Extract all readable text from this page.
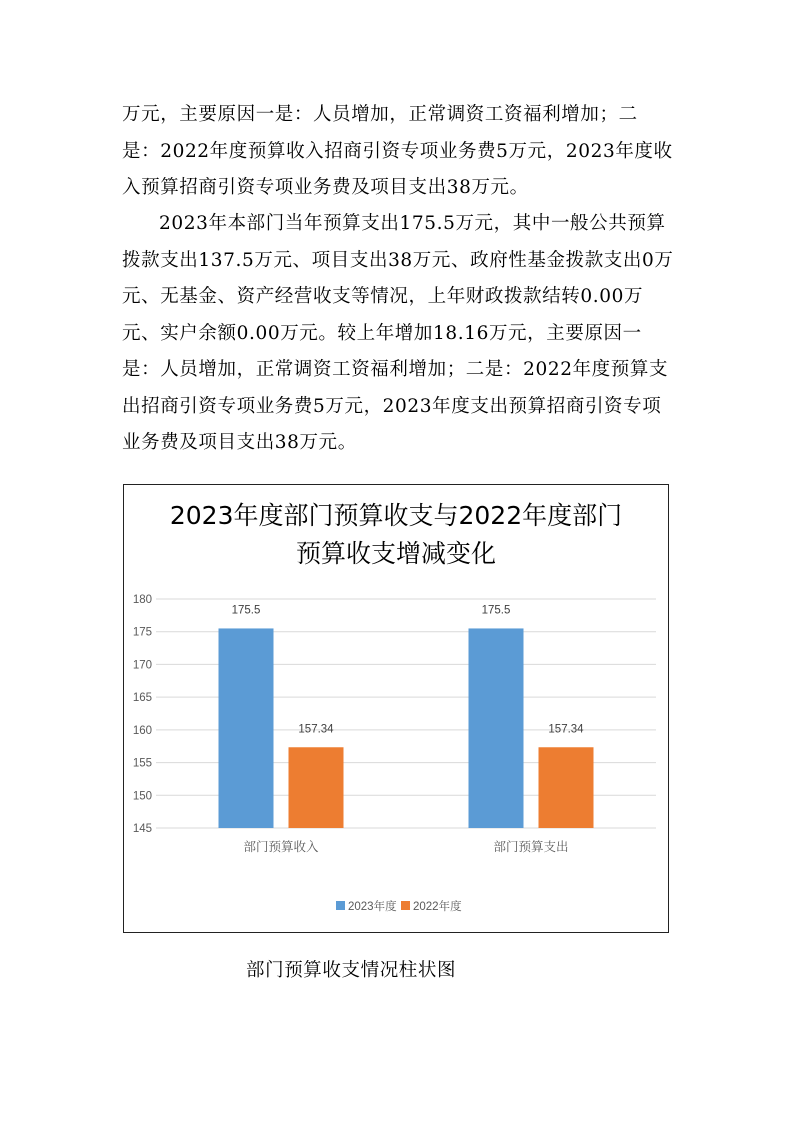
万元，主要原因一是：人员增加，正常调资工资福利增加；二是：2022年度预算收入招商引资专项业务费5万元，2023年度收入预算招商引资专项业务费及项目支出38万元。

2023年本部门当年预算支出175.5万元，其中一般公共预算拨款支出137.5万元、项目支出38万元、政府性基金拨款支出0万元、无基金、资产经营收支等情况，上年财政拨款结转0.00万元、实户余额0.00万元。较上年增加18.16万元，主要原因一是：人员增加，正常调资工资福利增加；二是：2022年度预算支出招商引资专项业务费5万元，2023年度支出预算招商引资专项业务费及项目支出38万元。

2023年度部门预算收支与2022年度部门
预算收支增减变化
145
150
155
160
165
170
175
180
175.5
157.34
部门预算收入
175.5
157.34
部门预算支出
2023年度 2022年度
部门预算收支情况柱状图
